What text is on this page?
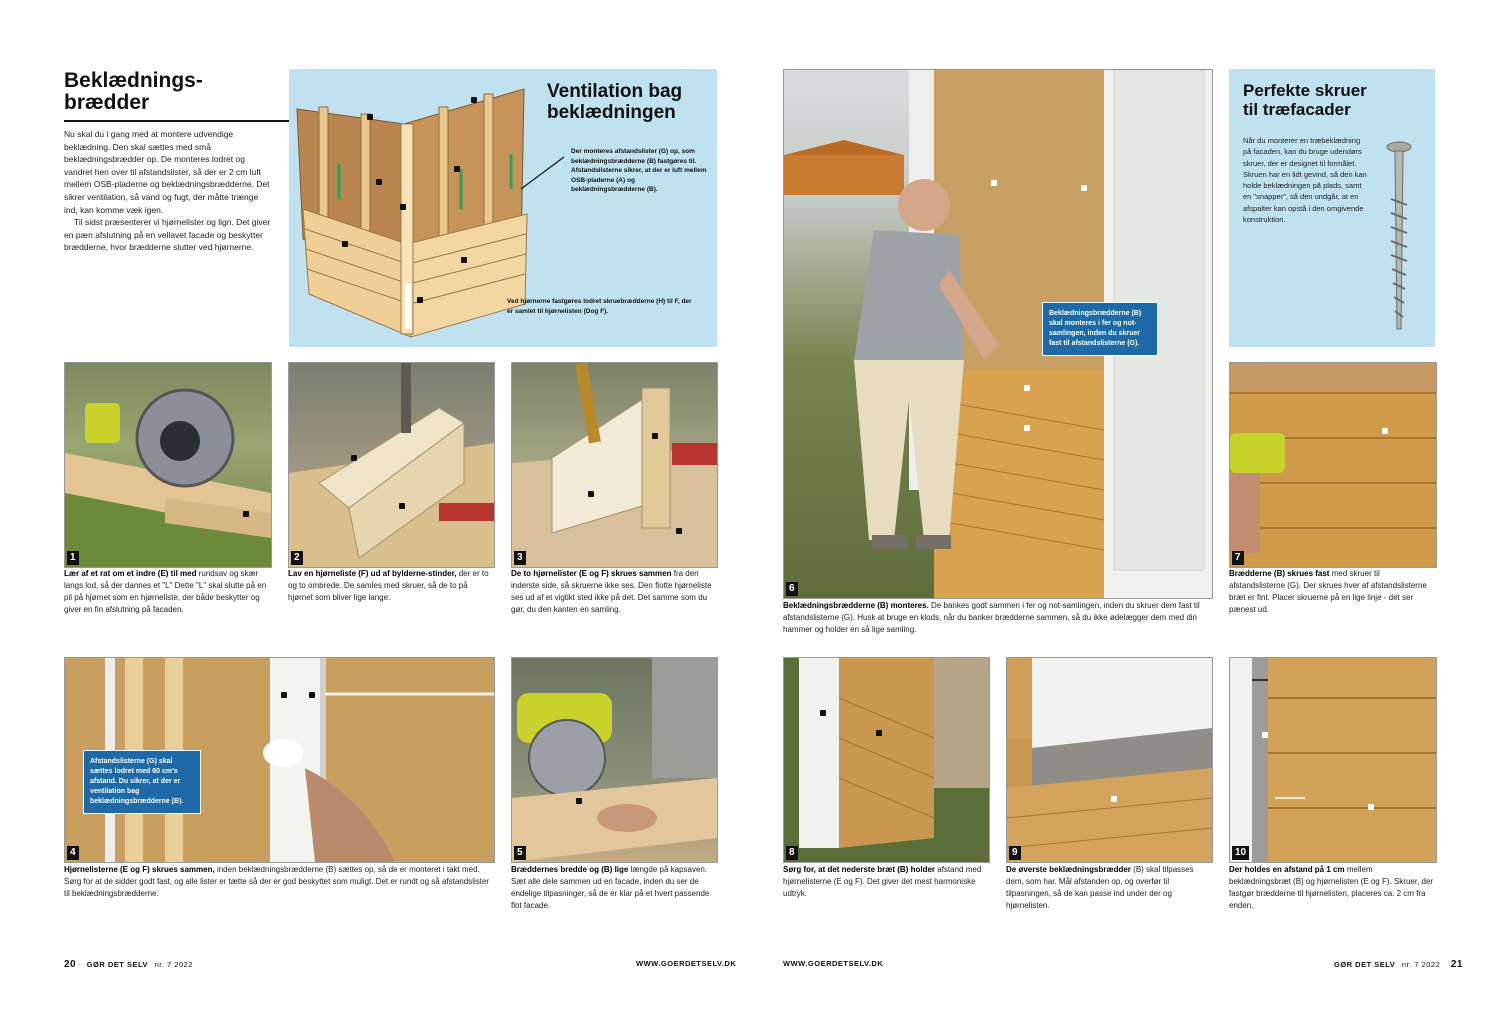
Beklædnings-
brædder
Nu skal du i gang med at montere udvendige beklædning. Den skal sættes med små beklædningsbrædder op. De monteres lodret og vandret hen over til afstandslister, så der er 2 cm luft mellem OSB-pladerne og beklædningsbrædderne. Det sikrer ventilation, så vand og fugt, der måtte trænge ind, kan komme væk igen.
Til sidst præsenterer vi hjørnelister og lign. Det giver en pæn afslutning på en vellavet facade og beskytter brædderne, hvor brædderne slutter ved hjørnerne.
Ventilation bag
beklædningen
Der monteres afstandslister (G) op, som beklædningsbrædderne (B) fastgøres til. Afstandslisterne sikrer, at der er luft mellem OSB-pladerne (A) og beklædningsbrædderne (B).
Ved hjørnerne fastgøres lodret skruebrædderne (H) til F, der er samlet til hjørnelisten (Dog F).
1
Lær af et rat om et indre (E) til med rundsav og skær langs lod, så der dannes et "L" Dette "L" skal slutte på en pil på hjørnet som en hjørneliste, der både beskytter og giver en fin afslutning på facaden.
2
Lav en hjørneliste (F) ud af bylderne-stinder, der er to og to ombrede. De samles med skruer, så de to på hjørnet som bliver lige lange.
3
De to hjørnelister (E og F) skrues sammen fra den inderste side, så skruerne ikke ses. Den flotte hjørneliste ses ud af et vigtikt sted ikke på det. Det samme som du gør, du den kanten en samling.
Afstandslisterne (G) skal sættes lodret med 60 cm's afstand. Du sikrer, at der er ventilation bag beklædningsbrædderne (B).
4
Hjørnelisterne (E og F) skrues sammen, inden beklædningsbrædderne (B) sættes op, så de er monteret i takt med. Sørg for at de sidder godt fast, og alle lister er tætte så der er god beskyttet som muligt. Det er rundt og så afstandslister til beklædningsbrædderne.
5
Bræddernes bredde og (B) lige længde på kapsaven. Sæt alle dele sammen ud en facade, inden du ser de endelige tilpasninger, så de er klar på et hvert passende flot facade.
20 GØR DET SELV nr. 7 2022	WWW.GOERDETSELV.DK
Beklædningsbrædderne (B) skal monteres i fer og not-samlingen, inden du skruer fast til afstandslisterne (G).
6
Beklædningsbrædderne (B) monteres. De bankes godt sammen i fer og not-samlingen, inden du skruer dem fast til afstandslisterne (G). Husk at bruge en klods, når du banker brædderne sammen, så du ikke ødelægger dem med din hammer og holder en så lige samling.
Perfekte skruer
til træfacader
Når du monterer en træbeklædning på facaden, kan du bruge udendørs skruer, der er designet til formålet. Skruen har en lidt gevind, så den kan holde beklædningen på plads, samt en "snapper", så den undgår, at en afspalter kan opstå i den omgivende konstruktion.
7
Brædderne (B) skrues fast med skruer til afstandslisterne (G). Der skrues hver af afstandslisterne bræt er fint. Placer skruerne på en lige linje - det ser pænest ud.
8
Sørg for, at det nederste bræt (B) holder afstand med hjørnelisterne (E og F). Det giver det mest harmoniske udtryk.
9
De øverste beklædningsbrædder (B) skal tilpasses dem, som har. Mål afstanden op, og overfør til tilpasningen, så de kan passe ind under der og hjørnelisten.
10
Der holdes en afstand på 1 cm mellem beklædningsbræt (B) og hjørnelisten (E og F). Skruer, der fastgør brædderne til hjørnelisten, placeres ca. 2 cm fra enden.
WWW.GOERDETSELV.DK	GØR DET SELV nr. 7 2022 21
